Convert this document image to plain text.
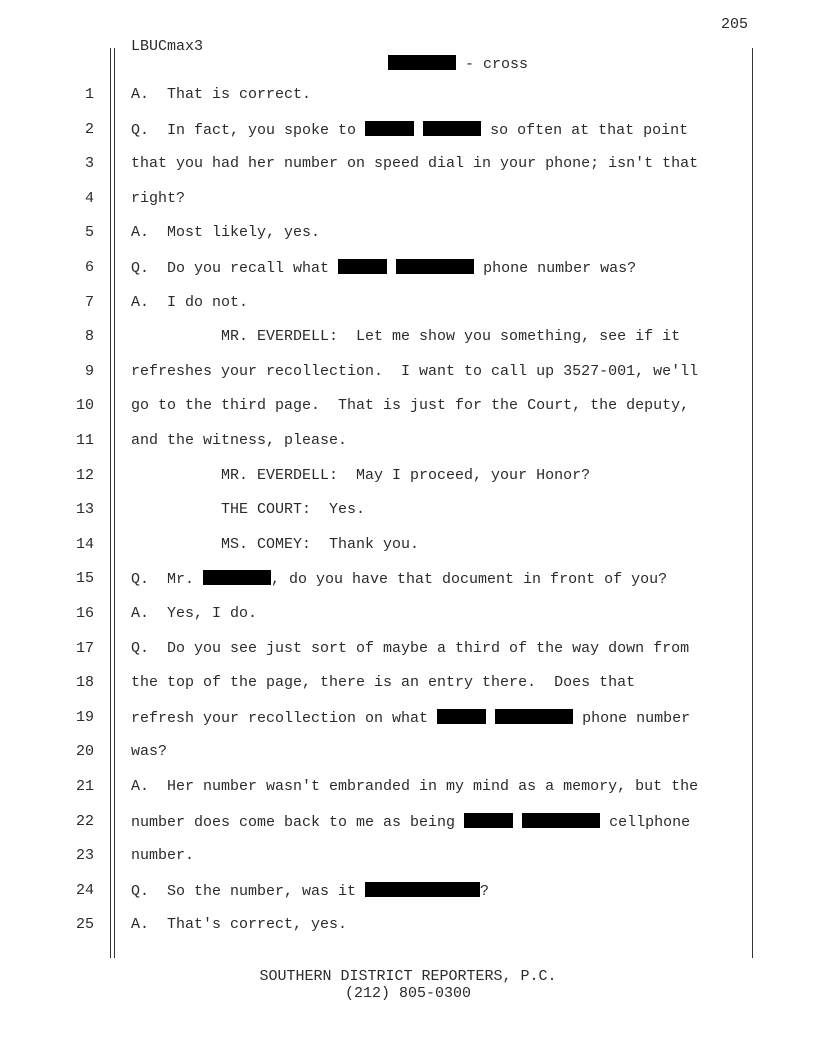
205
LBUCmax3

- cross

1 A.  That is correct.
2 Q.  In fact, you spoke to	so often at that point
3 that you had her number on speed dial in your phone; isn't that
4 right?
5 A.  Most likely, yes.
6 Q.  Do you recall what	phone number was?
7 A.  I do not.
8 MR. EVERDELL:  Let me show you something, see if it
9 refreshes your recollection.  I want to call up 3527-001, we'll
10 go to the third page.  That is just for the Court, the deputy,
11 and the witness, please.
12 MR. EVERDELL:  May I proceed, your Honor?
13 THE COURT:  Yes.
14 MS. COMEY:  Thank you.
15 Q.  Mr.	, do you have that document in front of you?
16 A.  Yes, I do.
17 Q.  Do you see just sort of maybe a third of the way down from
18 the top of the page, there is an entry there.  Does that
19 refresh your recollection on what	phone number
20 was?
21 A.  Her number wasn't embranded in my mind as a memory, but the
22 number does come back to me as being	cellphone
23 number.
24 Q.  So the number, was it	?
25 A.  That's correct, yes.
SOUTHERN DISTRICT REPORTERS, P.C.
(212) 805-0300
